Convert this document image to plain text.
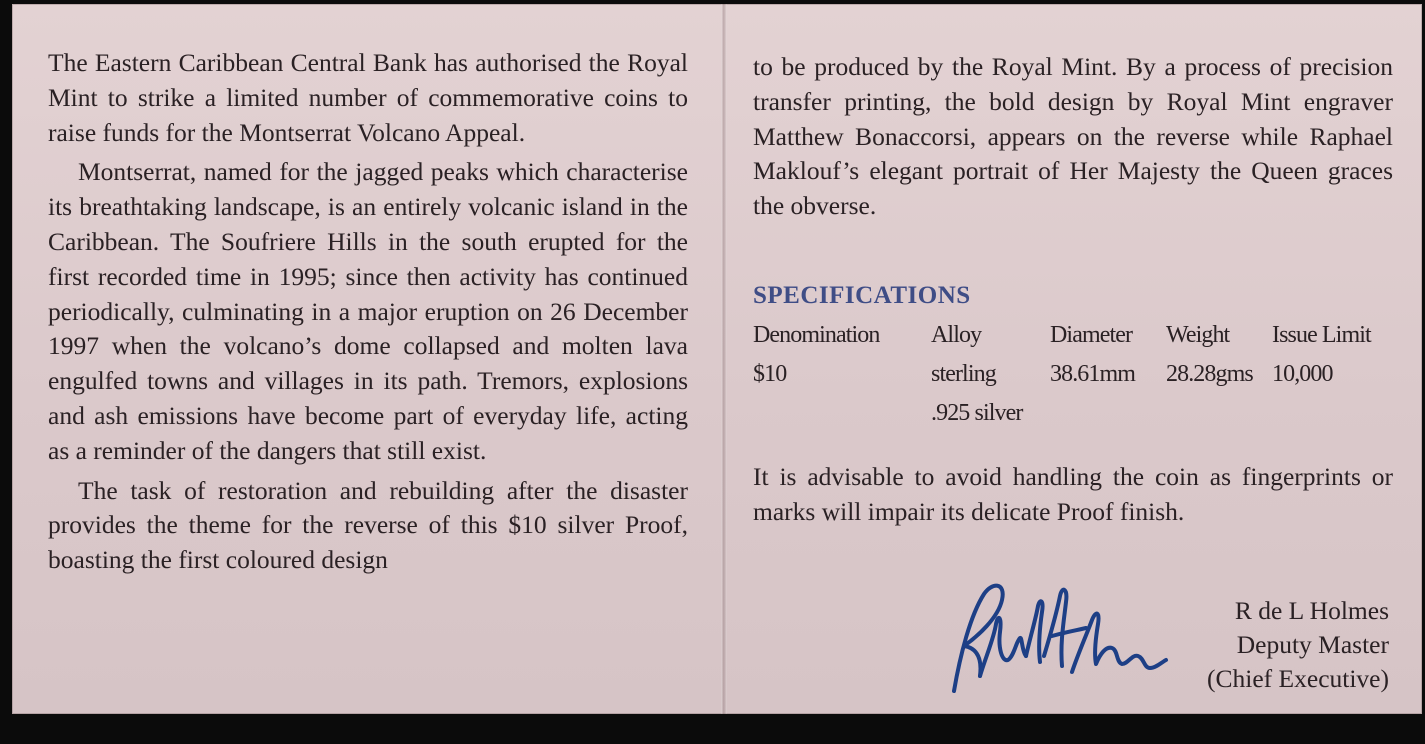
The Eastern Caribbean Central Bank has authorised the Royal Mint to strike a limited number of commemorative coins to raise funds for the Montserrat Volcano Appeal.

Montserrat, named for the jagged peaks which characterise its breathtaking landscape, is an entirely volcanic island in the Caribbean. The Soufriere Hills in the south erupted for the first recorded time in 1995; since then activity has continued periodically, culminating in a major eruption on 26 December 1997 when the volcano’s dome collapsed and molten lava engulfed towns and villages in its path. Tremors, explosions and ash emissions have become part of everyday life, acting as a reminder of the dangers that still exist.

The task of restoration and rebuilding after the disaster provides the theme for the reverse of this $10 silver Proof, boasting the first coloured design

to be produced by the Royal Mint. By a process of precision transfer printing, the bold design by Royal Mint engraver Matthew Bonaccorsi, appears on the reverse while Raphael Maklouf’s elegant portrait of Her Majesty the Queen graces the obverse.

SPECIFICATIONS
Denomination Alloy	Diameter Weight Issue Limit
$10	sterling 38.61mm 28.28gms 10,000
.925 silver

It is advisable to avoid handling the coin as fingerprints or marks will impair its delicate Proof finish.

R de L Holmes
Deputy Master
(Chief Executive)
